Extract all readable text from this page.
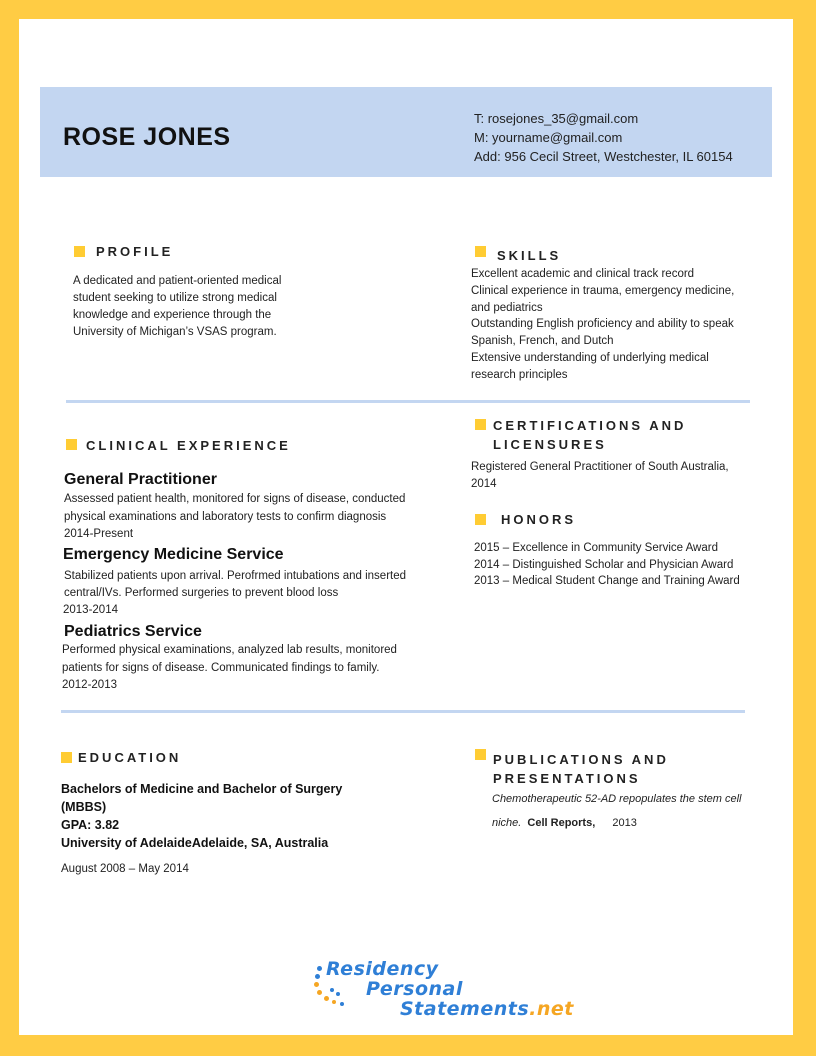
ROSE JONES
T: rosejones_35@gmail.com
M: yourname@gmail.com
Add: 956 Cecil Street, Westchester, IL 60154
PROFILE
A dedicated and patient-oriented medical
student seeking to utilize strong medical
knowledge and experience through the
University of Michigan’s VSAS program.
SKILLS
Excellent academic and clinical track record
Clinical experience in trauma, emergency medicine,
and pediatrics
Outstanding English proficiency and ability to speak
Spanish, French, and Dutch
Extensive understanding of underlying medical
research principles
CLINICAL EXPERIENCE
General Practitioner
Assessed patient health, monitored for signs of disease, conducted
physical examinations and laboratory tests to confirm diagnosis
2014-Present
Emergency Medicine Service
Stabilized patients upon arrival. Perofrmed intubations and inserted
central/IVs. Performed surgeries to prevent blood loss
2013-2014
Pediatrics Service
Performed physical examinations, analyzed lab results, monitored
patients for signs of disease. Communicated findings to family.
2012-2013
CERTIFICATIONS AND
LICENSURES
Registered General Practitioner of South Australia,
2014
HONORS
2015 – Excellence in Community Service Award
2014 – Distinguished Scholar and Physician Award
2013 – Medical Student Change and Training Award
EDUCATION
Bachelors of Medicine and Bachelor of Surgery
(MBBS)
GPA: 3.82
University of AdelaideAdelaide, SA, Australia
August 2008 – May 2014
PUBLICATIONS AND
PRESENTATIONS
Chemotherapeutic 52-AD repopulates the stem cell
niche. Cell Reports, 2013
Residency
Personal
Statements.net
